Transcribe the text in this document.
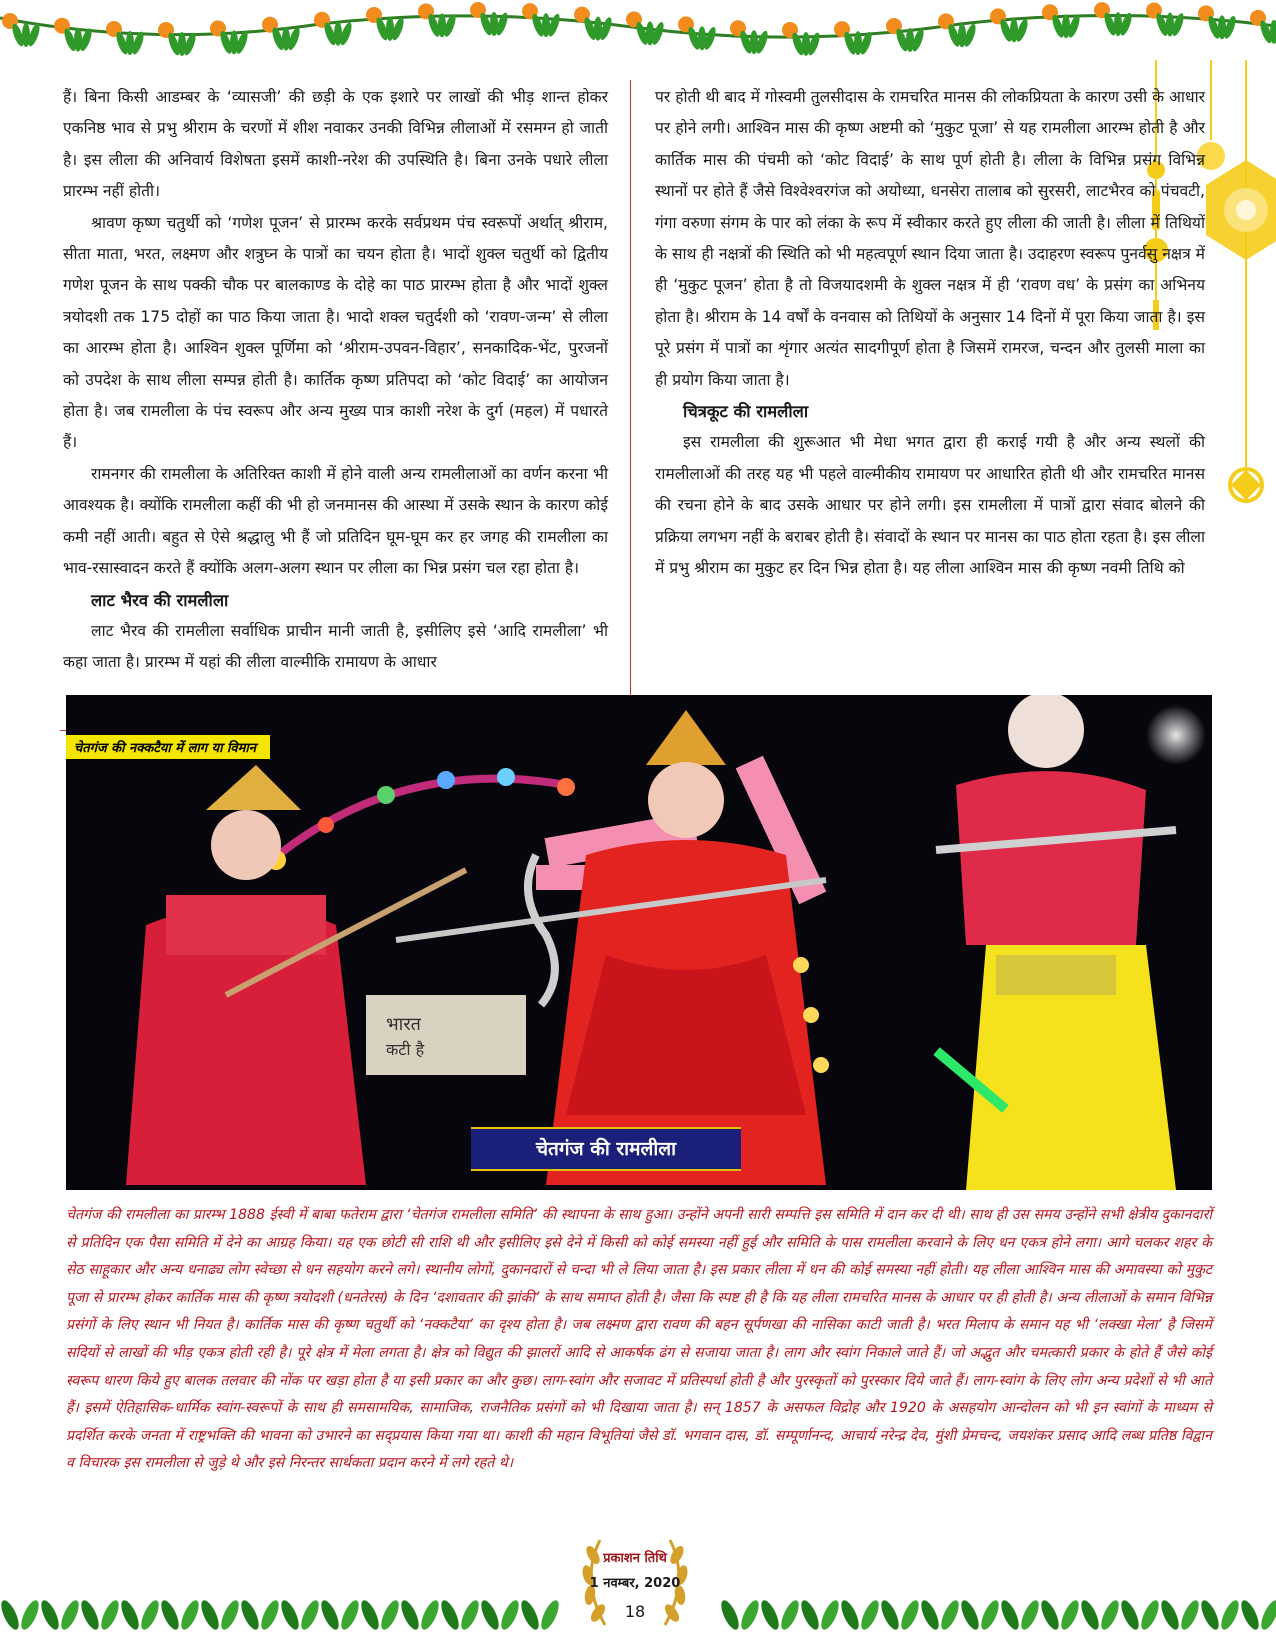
हैं। बिना किसी आडम्बर के ‘व्यासजी’ की छड़ी के एक इशारे पर लाखों की भीड़ शान्त होकर एकनिष्ठ भाव से प्रभु श्रीराम के चरणों में शीश नवाकर उनकी विभिन्न लीलाओं में रसमग्न हो जाती है। इस लीला की अनिवार्य विशेषता इसमें काशी-नरेश की उपस्थिति है। बिना उनके पधारे लीला प्रारम्भ नहीं होती।

श्रावण कृष्ण चतुर्थी को ‘गणेश पूजन’ से प्रारम्भ करके सर्वप्रथम पंच स्वरूपों अर्थात् श्रीराम, सीता माता, भरत, लक्ष्मण और शत्रुघ्न के पात्रों का चयन होता है। भादों शुक्ल चतुर्थी को द्वितीय गणेश पूजन के साथ पक्की चौक पर बालकाण्ड के दोहे का पाठ प्रारम्भ होता है और भादों शुक्ल त्रयोदशी तक 175 दोहों का पाठ किया जाता है। भादो शक्ल चतुर्दशी को ‘रावण-जन्म’ से लीला का आरम्भ होता है। आश्विन शुक्ल पूर्णिमा को ‘श्रीराम-उपवन-विहार’, सनकादिक-भेंट, पुरजनों को उपदेश के साथ लीला सम्पन्न होती है। कार्तिक कृष्ण प्रतिपदा को ‘कोट विदाई’ का आयोजन होता है। जब रामलीला के पंच स्वरूप और अन्य मुख्य पात्र काशी नरेश के दुर्ग (महल) में पधारते हैं।

रामनगर की रामलीला के अतिरिक्त काशी में होने वाली अन्य रामलीलाओं का वर्णन करना भी आवश्यक है। क्योंकि रामलीला कहीं की भी हो जनमानस की आस्था में उसके स्थान के कारण कोई कमी नहीं आती। बहुत से ऐसे श्रद्धालु भी हैं जो प्रतिदिन घूम-घूम कर हर जगह की रामलीला का भाव-रसास्वादन करते हैं क्योंकि अलग-अलग स्थान पर लीला का भिन्न प्रसंग चल रहा होता है।

लाट भैरव की रामलीला

लाट भैरव की रामलीला सर्वाधिक प्राचीन मानी जाती है, इसीलिए इसे ‘आदि रामलीला’ भी कहा जाता है। प्रारम्भ में यहां की लीला वाल्मीकि रामायण के आधार

पर होती थी बाद में गोस्वमी तुलसीदास के रामचरित मानस की लोकप्रियता के कारण उसी के आधार पर होने लगी। आश्विन मास की कृष्ण अष्टमी को ‘मुकुट पूजा’ से यह रामलीला आरम्भ होती है और कार्तिक मास की पंचमी को ‘कोट विदाई’ के साथ पूर्ण होती है। लीला के विभिन्न प्रसंग विभिन्न स्थानों पर होते हैं जैसे विश्वेश्वरगंज को अयोध्या, धनसेरा तालाब को सुरसरी, लाटभैरव को पंचवटी, गंगा वरुणा संगम के पार को लंका के रूप में स्वीकार करते हुए लीला की जाती है। लीला में तिथियों के साथ ही नक्षत्रों की स्थिति को भी महत्वपूर्ण स्थान दिया जाता है। उदाहरण स्वरूप पुनर्वसु नक्षत्र में ही ‘मुकुट पूजन’ होता है तो विजयादशमी के शुक्ल नक्षत्र में ही ‘रावण वध’ के प्रसंग का अभिनय होता है। श्रीराम के 14 वर्षों के वनवास को तिथियों के अनुसार 14 दिनों में पूरा किया जाता है। इस पूरे प्रसंग में पात्रों का शृंगार अत्यंत सादगीपूर्ण होता है जिसमें रामरज, चन्दन और तुलसी माला का ही प्रयोग किया जाता है।

चित्रकूट की रामलीला

इस रामलीला की शुरूआत भी मेधा भगत द्वारा ही कराई गयी है और अन्य स्थलों की रामलीलाओं की तरह यह भी पहले वाल्मीकीय रामायण पर आधारित होती थी और रामचरित मानस की रचना होने के बाद उसके आधार पर होने लगी। इस रामलीला में पात्रों द्वारा संवाद बोलने की प्रक्रिया लगभग नहीं के बराबर होती है। संवादों के स्थान पर मानस का पाठ होता रहता है। इस लीला में प्रभु श्रीराम का मुकुट हर दिन भिन्न होता है। यह लीला आश्विन मास की कृष्ण नवमी तिथि को

भारत
कटी है
चेतगंज की नक्कटैया में लाग या विमान
चेतगंज की रामलीला
चेतगंज की रामलीला का प्रारम्भ 1888 ईस्वी में बाबा फतेराम द्वारा ‘चेतगंज रामलीला समिति’ की स्थापना के साथ हुआ। उन्होंने अपनी सारी सम्पत्ति इस समिति में दान कर दी थी। साथ ही उस समय उन्होंने सभी क्षेत्रीय दुकानदारों से प्रतिदिन एक पैसा समिति में देने का आग्रह किया। यह एक छोटी सी राशि थी और इसीलिए इसे देने में किसी को कोई समस्या नहीं हुई और समिति के पास रामलीला करवाने के लिए धन एकत्र होने लगा। आगे चलकर शहर के सेठ साहूकार और अन्य धनाढ्य लोग स्वेच्छा से धन सहयोग करने लगे। स्थानीय लोगों, दुकानदारों से चन्दा भी ले लिया जाता है। इस प्रकार लीला में धन की कोई समस्या नहीं होती। यह लीला आश्विन मास की अमावस्या को मुकुट पूजा से प्रारम्भ होकर कार्तिक मास की कृष्ण त्रयोदशी (धनतेरस) के दिन ‘दशावतार की झांकी’ के साथ समाप्त होती है। जैसा कि स्पष्ट ही है कि यह लीला रामचरित मानस के आधार पर ही होती है। अन्य लीलाओं के समान विभिन्न प्रसंगों के लिए स्थान भी नियत है। कार्तिक मास की कृष्ण चतुर्थी को ‘नक्कटैया’ का दृश्य होता है। जब लक्ष्मण द्वारा रावण की बहन सूर्पणखा की नासिका काटी जाती है। भरत मिलाप के समान यह भी ‘लक्खा मेला’ है जिसमें सदियों से लाखों की भीड़ एकत्र होती रही है। पूरे क्षेत्र में मेला लगता है। क्षेत्र को विद्युत की झालरों आदि से आकर्षक ढंग से सजाया जाता है। लाग और स्वांग निकाले जाते हैं। जो अद्भुत और चमत्कारी प्रकार के होते हैं जैसे कोई स्वरूप धारण किये हुए बालक तलवार की नोंक पर खड़ा होता है या इसी प्रकार का और कुछ। लाग-स्वांग और सजावट में प्रतिस्पर्धा होती है और पुरस्कृतों को पुरस्कार दिये जाते हैं। लाग-स्वांग के लिए लोग अन्य प्रदेशों से भी आते हैं। इसमें ऐतिहासिक-धार्मिक स्वांग-स्वरूपों के साथ ही समसामयिक, सामाजिक, राजनैतिक प्रसंगों को भी दिखाया जाता है। सन् 1857 के असफल विद्रोह और 1920 के असहयोग आन्दोलन को भी इन स्वांगों के माध्यम से प्रदर्शित करके जनता में राष्ट्रभक्ति की भावना को उभारने का सद्प्रयास किया गया था। काशी की महान विभूतियां जैसे डॉ. भगवान दास, डॉ. सम्पूर्णानन्द, आचार्य नरेन्द्र देव, मुंशी प्रेमचन्द, जयशंकर प्रसाद आदि लब्ध प्रतिष्ठ विद्वान व विचारक इस रामलीला से जुड़े थे और इसे निरन्तर सार्थकता प्रदान करने में लगे रहते थे।
प्रकाशन तिथि
1 नवम्बर, 2020
18
